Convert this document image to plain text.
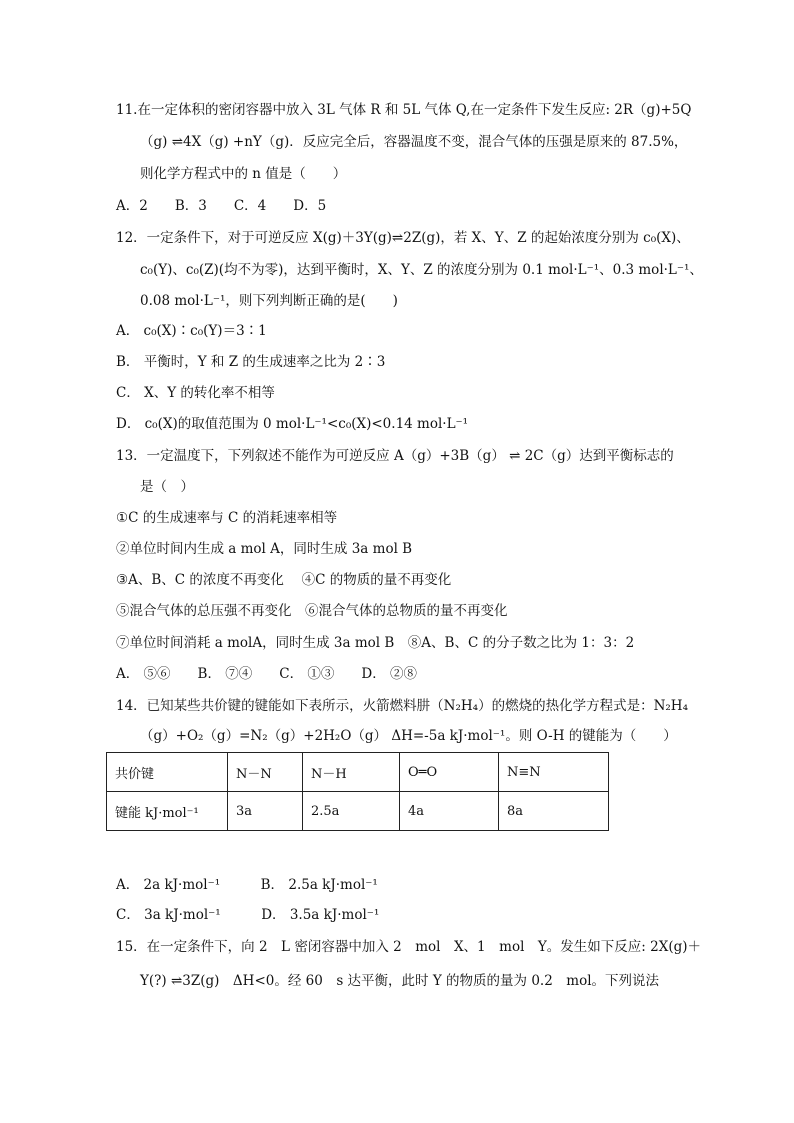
11.在一定体积的密闭容器中放入 3L 气体 R 和 5L 气体 Q,在一定条件下发生反应: 2R（g)+5Q
（g) ⇌4X（g) +nY（g)．反应完全后，容器温度不变，混合气体的压强是原来的 87.5%，
则化学方程式中的 n 值是（　　）
A．2　　B．3　　C．4　　D．5
12．一定条件下，对于可逆反应 X(g)＋3Y(g)⇌2Z(g)，若 X、Y、Z 的起始浓度分别为 c₀(X)、
c₀(Y)、c₀(Z)(均不为零)，达到平衡时，X、Y、Z 的浓度分别为 0.1 mol·L⁻¹、0.3 mol·L⁻¹、
0.08 mol·L⁻¹，则下列判断正确的是(　　)
A． c₀(X)∶c₀(Y)＝3∶1
B． 平衡时，Y 和 Z 的生成速率之比为 2∶3
C． X、Y 的转化率不相等
D． c₀(X)的取值范围为 0 mol·L⁻¹<c₀(X)<0.14 mol·L⁻¹
13．一定温度下，下列叙述不能作为可逆反应 A（g）+3B（g） ⇌ 2C（g）达到平衡标志的
是（　）
①C 的生成速率与 C 的消耗速率相等
②单位时间内生成 a mol A，同时生成 3a mol B
③A、B、C 的浓度不再变化　 ④C 的物质的量不再变化
⑤混合气体的总压强不再变化　⑥混合气体的总物质的量不再变化
⑦单位时间消耗 a molA，同时生成 3a mol B　⑧A、B、C 的分子数之比为 1：3：2
A． ⑤⑥　　B． ⑦④　　C． ①③　　D． ②⑧
14．已知某些共价键的键能如下表所示，火箭燃料肼（N₂H₄）的燃烧的热化学方程式是：N₂H₄
（g）+O₂（g）=N₂（g）+2H₂O（g） ΔH=-5a kJ·mol⁻¹。则 O-H 的键能为（　　）
共价键	N－N	N－H	O═O	N≡N
键能 kJ·mol⁻¹	3a	2.5a	4a	8a
A． 2a kJ·mol⁻¹　　　B． 2.5a kJ·mol⁻¹
C． 3a kJ·mol⁻¹　　　D． 3.5a kJ·mol⁻¹
15．在一定条件下，向 2　L 密闭容器中加入 2　mol　X、1　mol　Y。发生如下反应: 2X(g)＋
Y(?) ⇌3Z(g)　ΔH<0。经 60　s 达平衡，此时 Y 的物质的量为 0.2　mol。下列说法
